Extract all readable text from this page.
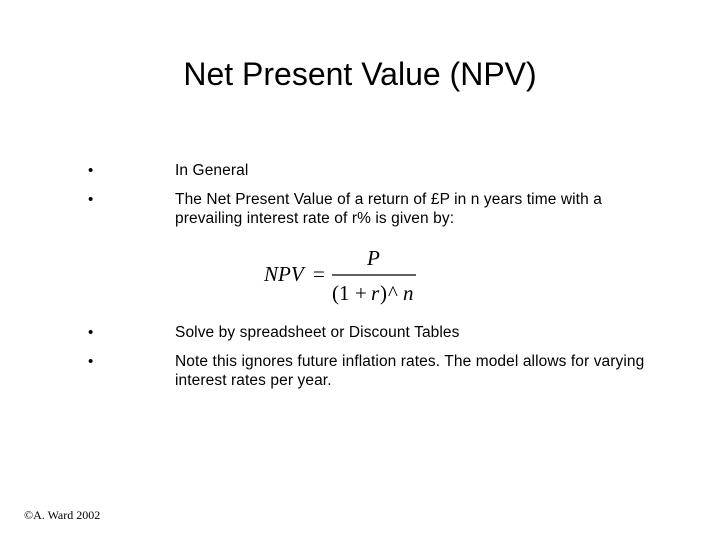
Net Present Value (NPV)
•	In General
•	The Net Present Value of a return of £P in n years time with a prevailing interest rate of r% is given by:
NPV =
P
(1 + r ) ^ n
•	Solve by spreadsheet or Discount Tables
•	Note this ignores future inflation rates. The model allows for varying interest rates per year.
©A. Ward 2002
